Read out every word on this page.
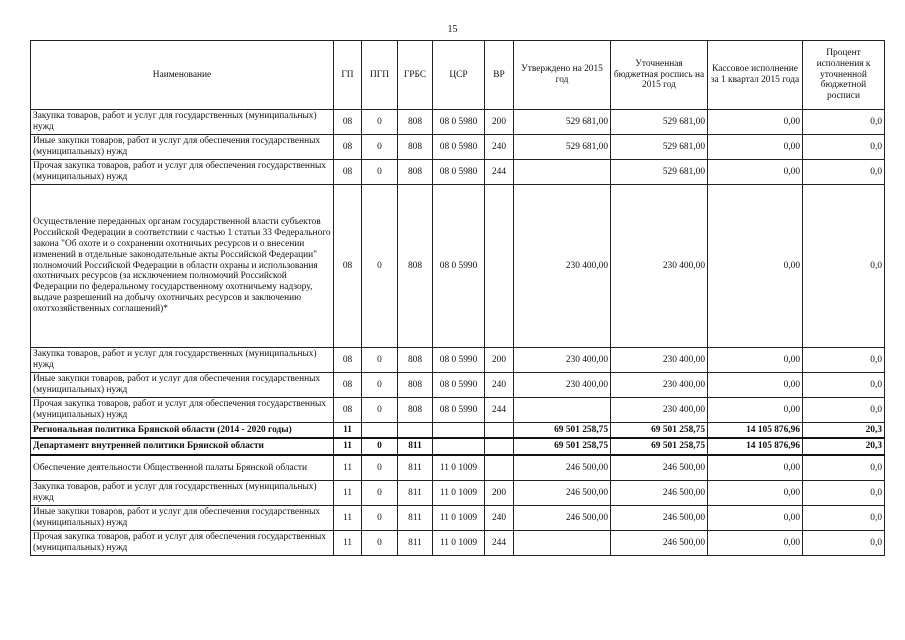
15
Наименование	ГП	ПГП	ГРБС	ЦСР	ВР	Утверждено на 2015 год	Уточненная бюджетная роспись на 2015 год	Кассовое исполнение за 1 квартал 2015 года	Процент исполнения к уточненной бюджетной росписи
Закупка товаров, работ и услуг для государственных (муниципальных) нужд	08	0	808	08 0 5980	200	529 681,00	529 681,00	0,00	0,0
Иные закупки товаров, работ и услуг для обеспечения государственных (муниципальных) нужд	08	0	808	08 0 5980	240	529 681,00	529 681,00	0,00	0,0
Прочая закупка товаров, работ и услуг для обеспечения государственных (муниципальных) нужд	08	0	808	08 0 5980	244		529 681,00	0,00	0,0
Осуществление переданных органам государственной власти субъектов Российской Федерации в соответствии с частью 1 статьи 33 Федерального закона "Об охоте и о сохранении охотничьих ресурсов и о внесении изменений в отдельные законодательные акты Российской Федерации" полномочий Российской Федерации в области охраны и использования охотничьих ресурсов (за исключением полномочий Российской Федерации по федеральному государственному охотничьему надзору, выдаче разрешений на добычу охотничьих ресурсов и заключению охотхозяйственных соглашений)*	08	0	808	08 0 5990		230 400,00	230 400,00	0,00	0,0
Закупка товаров, работ и услуг для государственных (муниципальных) нужд	08	0	808	08 0 5990	200	230 400,00	230 400,00	0,00	0,0
Иные закупки товаров, работ и услуг для обеспечения государственных (муниципальных) нужд	08	0	808	08 0 5990	240	230 400,00	230 400,00	0,00	0,0
Прочая закупка товаров, работ и услуг для обеспечения государственных (муниципальных) нужд	08	0	808	08 0 5990	244		230 400,00	0,00	0,0
Региональная политика Брянской области (2014 - 2020 годы)	11					69 501 258,75	69 501 258,75	14 105 876,96	20,3
Департамент внутренней политики Брянской области	11	0	811			69 501 258,75	69 501 258,75	14 105 876,96	20,3
Обеспечение деятельности Общественной палаты Брянской области	11	0	811	11 0 1009		246 500,00	246 500,00	0,00	0,0
Закупка товаров, работ и услуг для государственных (муниципальных) нужд	11	0	811	11 0 1009	200	246 500,00	246 500,00	0,00	0,0
Иные закупки товаров, работ и услуг для обеспечения государственных (муниципальных) нужд	11	0	811	11 0 1009	240	246 500,00	246 500,00	0,00	0,0
Прочая закупка товаров, работ и услуг для обеспечения государственных (муниципальных) нужд	11	0	811	11 0 1009	244		246 500,00	0,00	0,0
